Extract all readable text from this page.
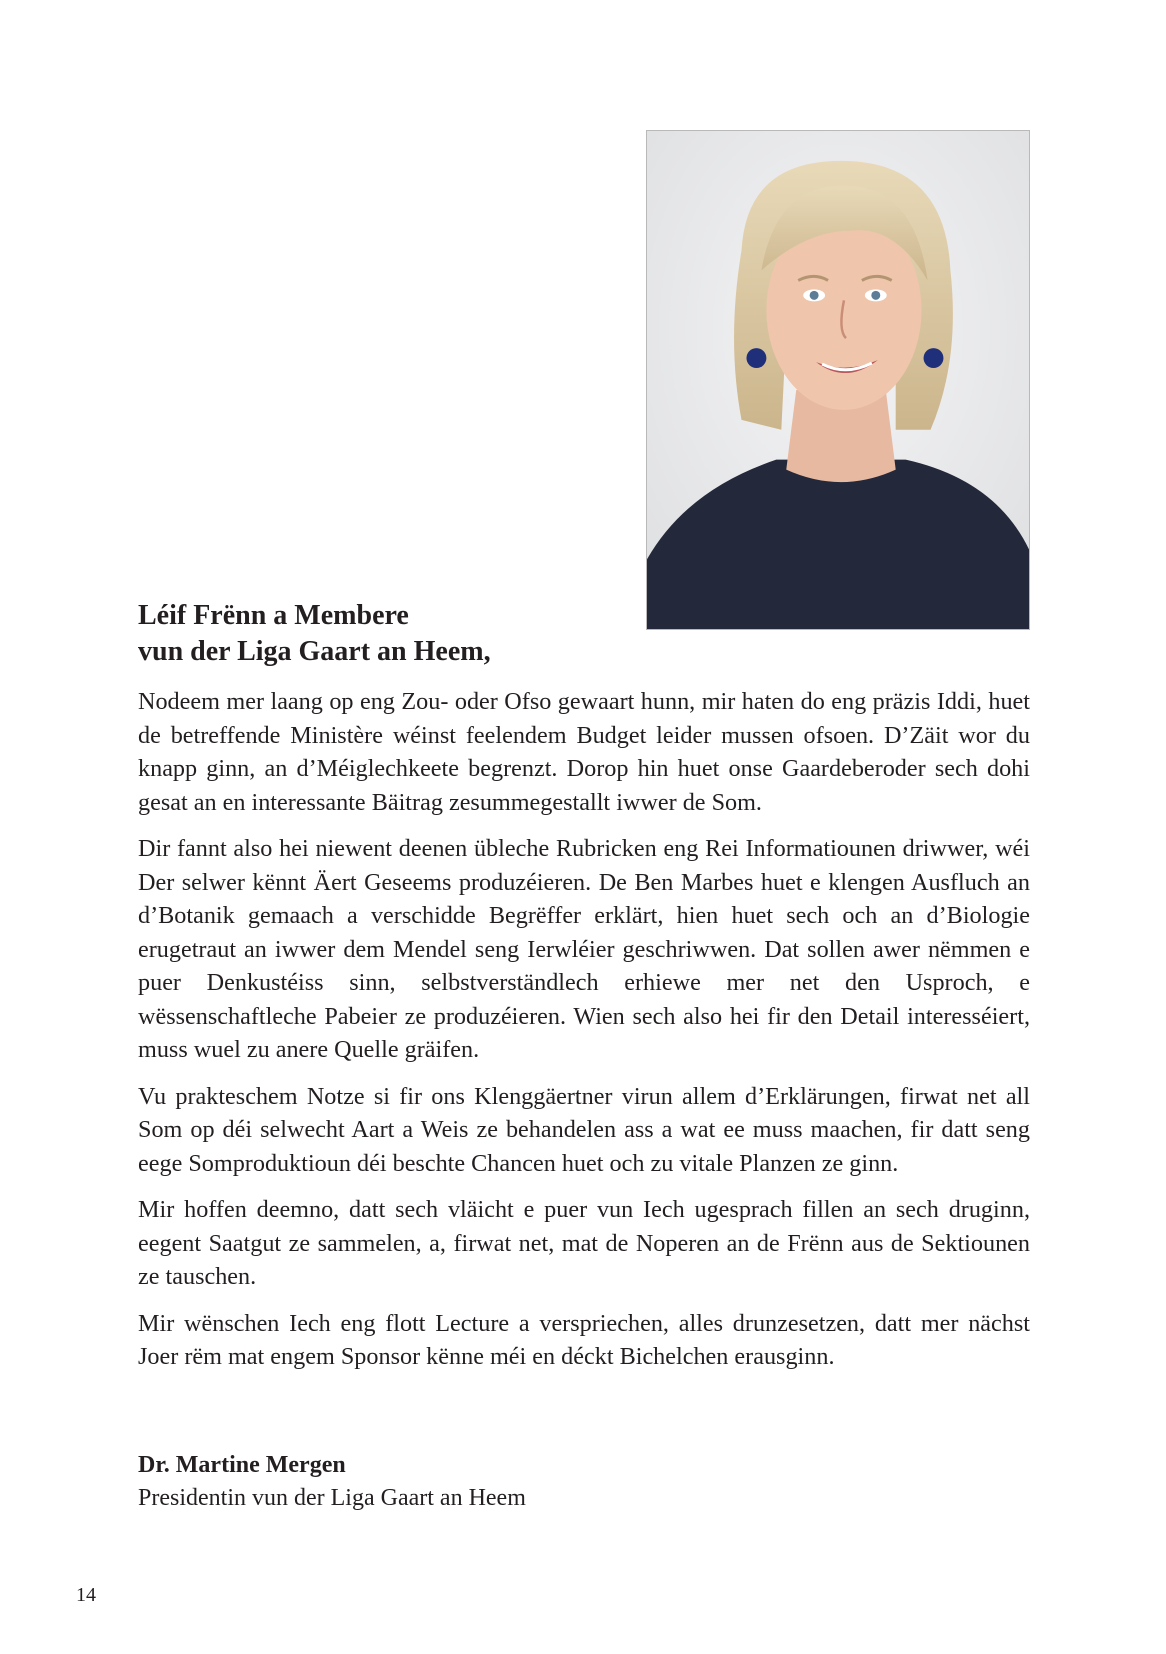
Léif Frënn a Membere
vun der Liga Gaart an Heem,

Nodeem mer laang op eng Zou- oder Ofso gewaart hunn, mir haten do eng präzis Iddi, huet de betreffende Ministère wéinst feelendem Budget leider mussen ofsoen. D’Zäit wor du knapp ginn, an d’Méiglechkeete begrenzt. Dorop hin huet onse Gaardeberoder sech dohi gesat an en interessante Bäitrag zesummegestallt iwwer de Som.

Dir fannt also hei niewent deenen übleche Rubricken eng Rei Informatiounen driwwer, wéi Der selwer kënnt Äert Geseems produzéieren. De Ben Marbes huet e klengen Ausfluch an d’Botanik gemaach a verschidde Begrëffer erklärt, hien huet sech och an d’Biologie erugetraut an iwwer dem Mendel seng Ierwléier geschriwwen. Dat sollen awer nëmmen e puer Denkustéiss sinn, selbstverständlech erhiewe mer net den Usproch, e wëssenschaftleche Pabeier ze produzéieren. Wien sech also hei fir den Detail interesséiert, muss wuel zu anere Quelle gräifen.

Vu prakteschem Notze si fir ons Klenggäertner virun allem d’Erklärungen, firwat net all Som op déi selwecht Aart a Weis ze behandelen ass a wat ee muss maachen, fir datt seng eege Somproduktioun déi beschte Chancen huet och zu vitale Planzen ze ginn.

Mir hoffen deemno, datt sech vläicht e puer vun Iech ugesprach fillen an sech druginn, eegent Saatgut ze sammelen, a, firwat net, mat de Noperen an de Frënn aus de Sektiounen ze tauschen.

Mir wënschen Iech eng flott Lecture a verspriechen, alles drunzesetzen, datt mer nächst Joer rëm mat engem Sponsor kënne méi en déckt Bichelchen erausginn.

Dr. Martine Mergen
Presidentin vun der Liga Gaart an Heem
14
